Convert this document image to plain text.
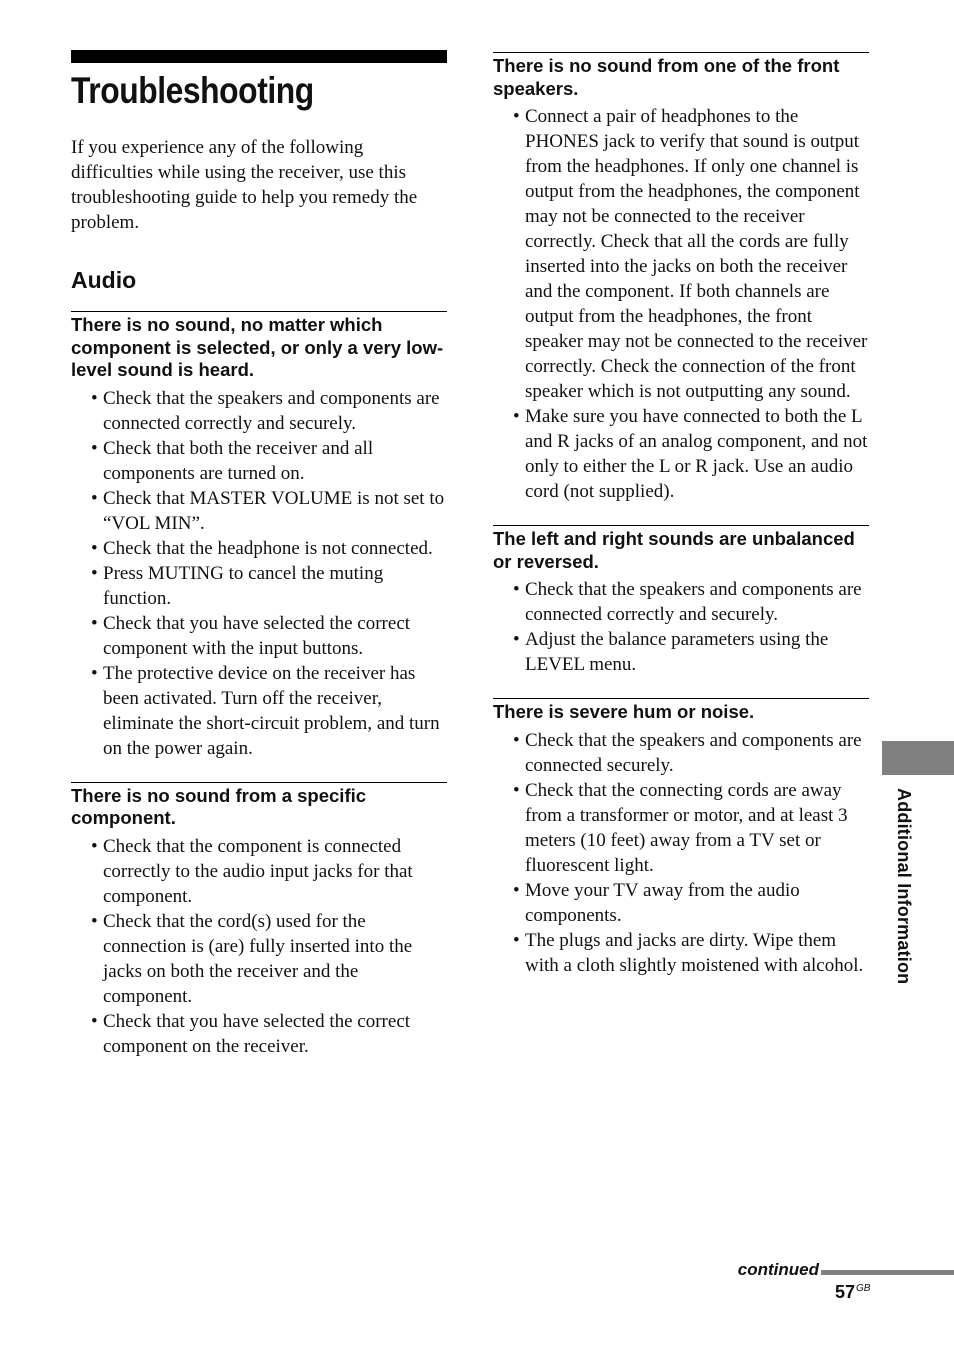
Troubleshooting

If you experience any of the following difficulties while using the receiver, use this troubleshooting guide to help you remedy the problem.

Audio
There is no sound, no matter which component is selected, or only a very low-level sound is heard.
• Check that the speakers and components are connected correctly and securely.
• Check that both the receiver and all components are turned on.
• Check that MASTER VOLUME is not set to “VOL MIN”.
• Check that the headphone is not connected.
• Press MUTING to cancel the muting function.
• Check that you have selected the correct component with the input buttons.
• The protective device on the receiver has been activated. Turn off the receiver, eliminate the short-circuit problem, and turn on the power again.
There is no sound from a specific component.
• Check that the component is connected correctly to the audio input jacks for that component.
• Check that the cord(s) used for the connection is (are) fully inserted into the jacks on both the receiver and the component.
• Check that you have selected the correct component on the receiver.
There is no sound from one of the front speakers.
• Connect a pair of headphones to the PHONES jack to verify that sound is output from the headphones. If only one channel is output from the headphones, the component may not be connected to the receiver correctly. Check that all the cords are fully inserted into the jacks on both the receiver and the component. If both channels are output from the headphones, the front speaker may not be connected to the receiver correctly. Check the connection of the front speaker which is not outputting any sound.
• Make sure you have connected to both the L and R jacks of an analog component, and not only to either the L or R jack. Use an audio cord (not supplied).
The left and right sounds are unbalanced or reversed.
• Check that the speakers and components are connected correctly and securely.
• Adjust the balance parameters using the LEVEL menu.
There is severe hum or noise.
• Check that the speakers and components are connected securely.
• Check that the connecting cords are away from a transformer or motor, and at least 3 meters (10 feet) away from a TV set or fluorescent light.
• Move your TV away from the audio components.
• The plugs and jacks are dirty. Wipe them with a cloth slightly moistened with alcohol.	Additional Information
continued
$57^{GB}$
